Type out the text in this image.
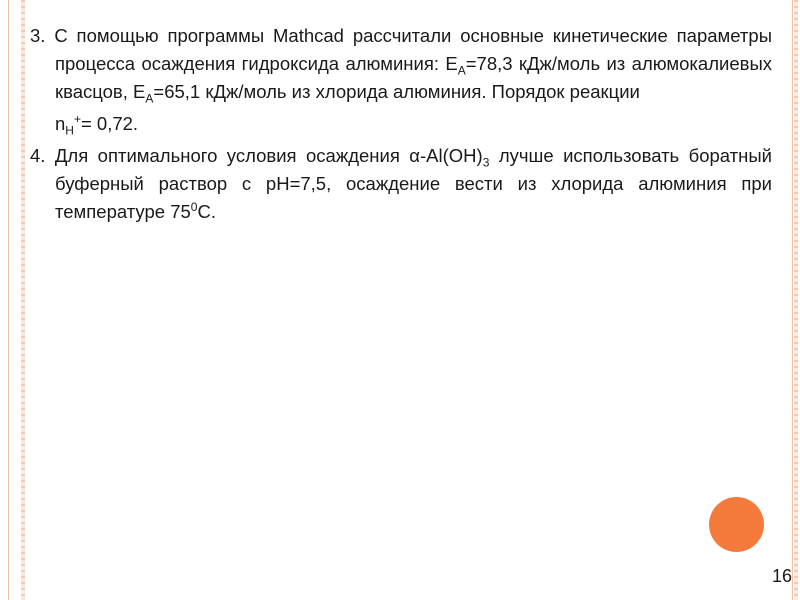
3. С помощью программы Mathcad рассчитали основные кинетические параметры процесса осаждения гидроксида алюминия: $E_A=78,3$ кДж/моль из алюмокалиевых квасцов, $E_A=65,1$ кДж/моль из хлорида алюминия. Порядок реакции

$n_H^+= 0,72$.

4. Для оптимального условия осаждения $\alpha-Al(OH)_3$ лучше использовать боратный буферный раствор с pH=7,5, осаждение вести из хлорида алюминия при температуре $75^0C$.

16
